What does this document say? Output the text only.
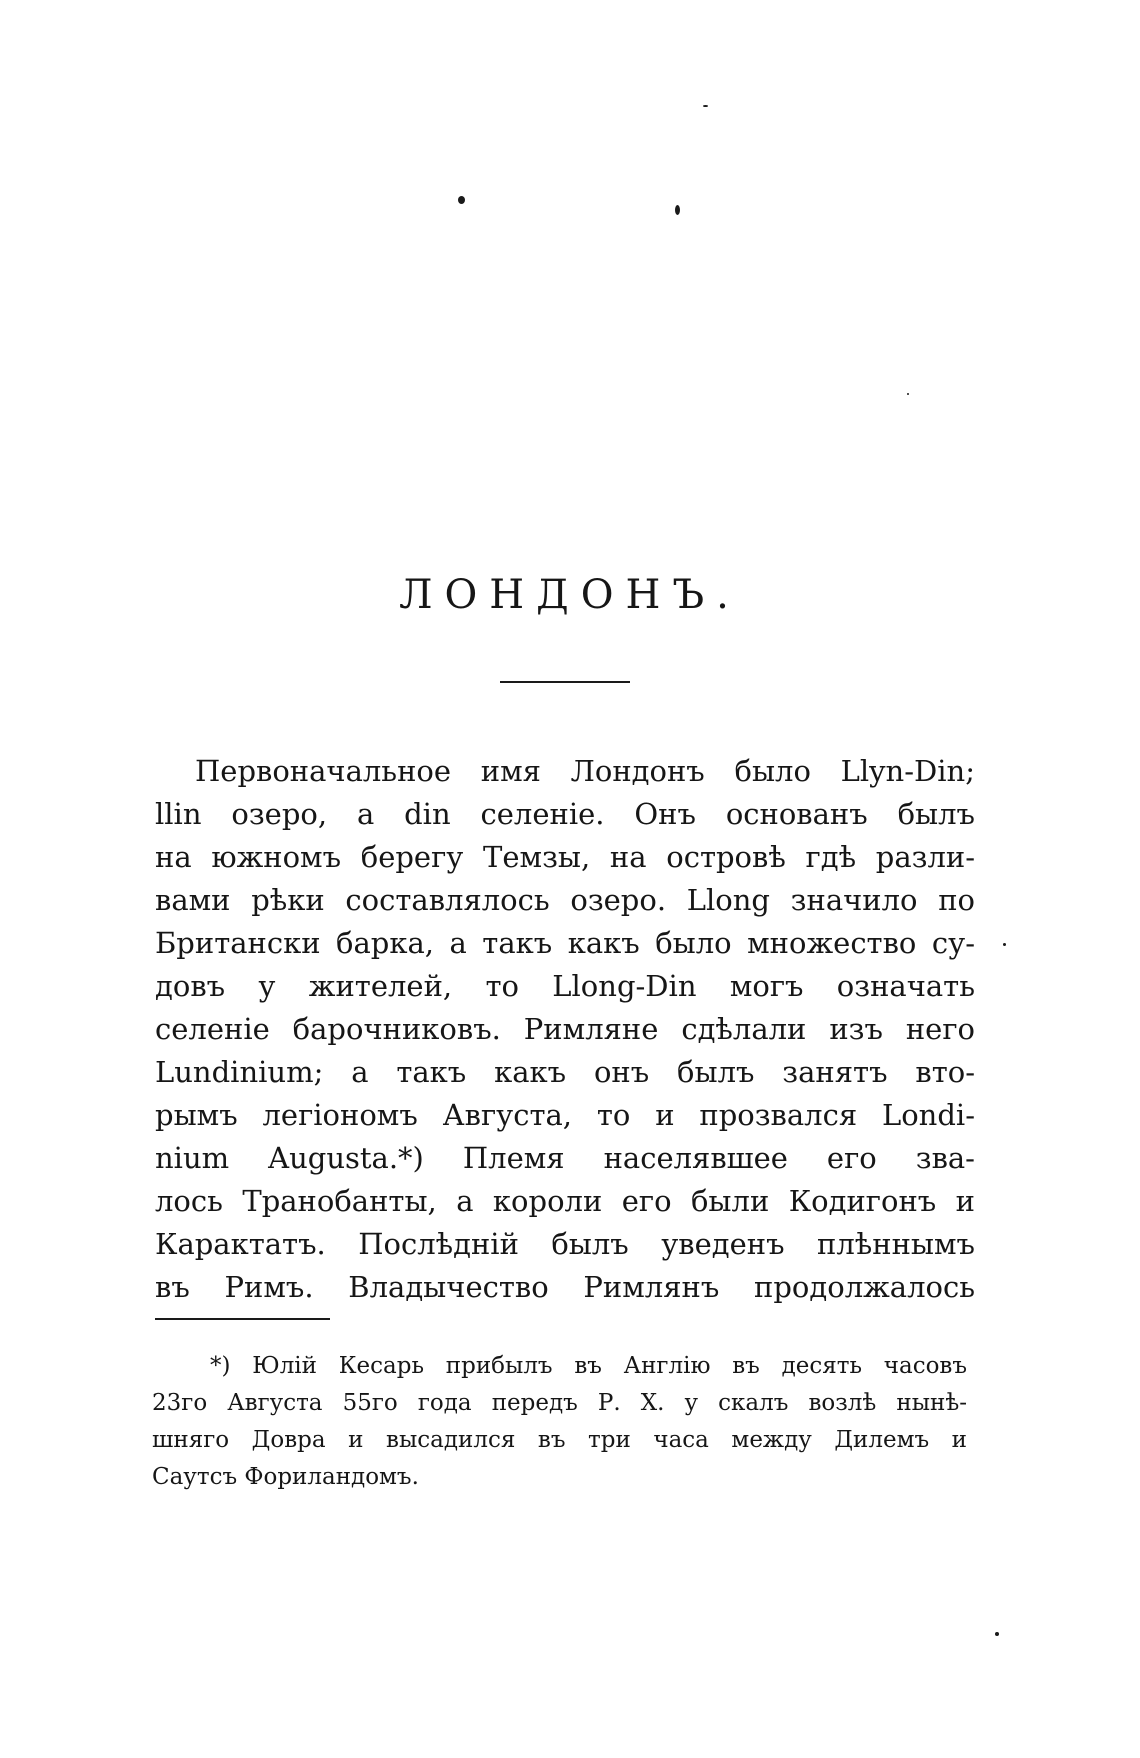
ЛОНДОНЪ.
Первоначальное имя Лондонъ было Llyn-Din;
llin озеро, а din селеніе. Онъ основанъ былъ
на южномъ берегу Темзы, на островѣ гдѣ разли-
вами рѣки составлялось озеро. Llong значило по
Британски барка, а такъ какъ было множество су-
довъ у жителей, то Llong-Din могъ означать
селеніе барочниковъ. Римляне сдѣлали изъ него
Lundinium; а такъ какъ онъ былъ занятъ вто-
рымъ легіономъ Августа, то и прозвался Londi-
nium Augusta.*) Племя населявшее его зва-
лось Транобанты, а короли его были Кодигонъ и
Карактатъ. Послѣдній былъ уведенъ плѣннымъ
въ Римъ. Владычество Римлянъ продолжалось
*) Юлій Кесарь прибылъ въ Англію въ десять часовъ
23го Августа 55го года передъ Р. Х. у скалъ возлѣ нынѣ-
шняго Довра и высадился въ три часа между Дилемъ и
Саутсъ Фориландомъ.
